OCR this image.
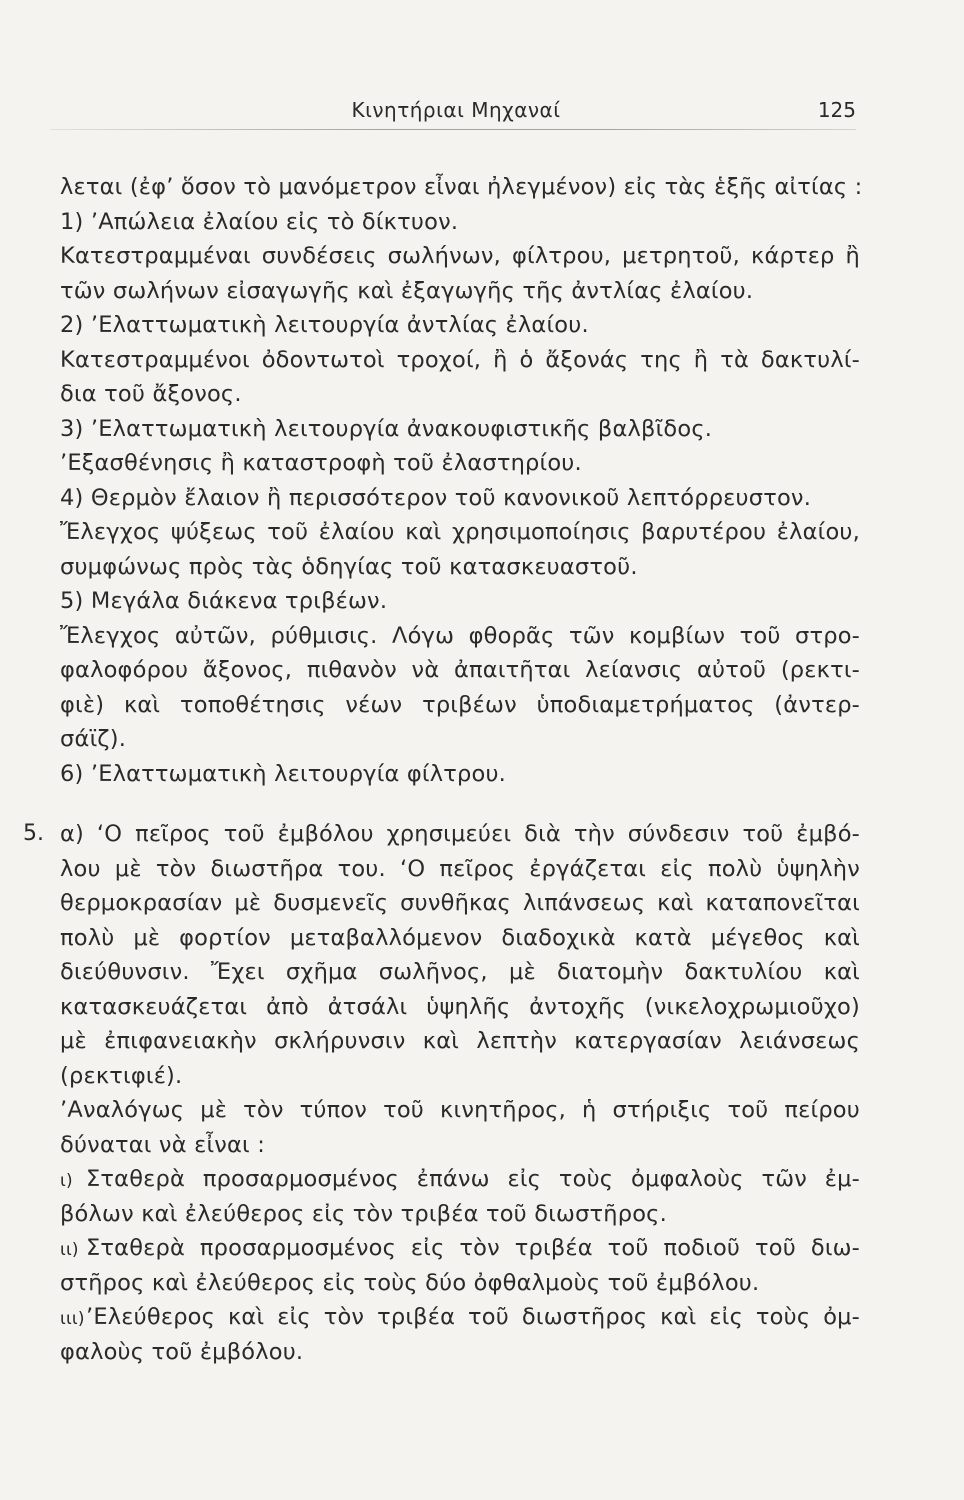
Κινητήριαι Μηχαναί	125
5.
λεται (ἐφ’ ὅσον τὸ μανόμετρον εἶναι ἠλεγμένον) εἰς τὰς ἑξῆς αἰτίας :
1) ’Απώλεια ἐλαίου εἰς τὸ δίκτυον.
Κατεστραμμέναι συνδέσεις σωλήνων, φίλτρου, μετρητοῦ, κάρτερ ἢ
τῶν σωλήνων εἰσαγωγῆς καὶ ἐξαγωγῆς τῆς ἀντλίας ἐλαίου.
2) ’Ελαττωματικὴ λειτουργία ἀντλίας ἐλαίου.
Κατεστραμμένοι ὀδοντωτοὶ τροχοί, ἢ ὁ ἄξονάς της ἢ τὰ δακτυλί-
δια τοῦ ἄξονος.
3) ’Ελαττωματικὴ λειτουργία ἀνακουφιστικῆς βαλβῖδος.
’Εξασθένησις ἢ καταστροφὴ τοῦ ἐλαστηρίου.
4) Θερμὸν ἔλαιον ἢ περισσότερον τοῦ κανονικοῦ λεπτόρρευστον.
Ἔλεγχος ψύξεως τοῦ ἐλαίου καὶ χρησιμοποίησις βαρυτέρου ἐλαίου,
συμφώνως πρὸς τὰς ὁδηγίας τοῦ κατασκευαστοῦ.
5) Μεγάλα διάκενα τριβέων.
Ἔλεγχος αὐτῶν, ρύθμισις. Λόγω φθορᾶς τῶν κομβίων τοῦ στρο-
φαλοφόρου ἄξονος, πιθανὸν νὰ ἀπαιτῆται λείανσις αὐτοῦ (ρεκτι-
φιὲ) καὶ τοποθέτησις νέων τριβέων ὑποδιαμετρήματος (ἀντερ-
σάϊζ).
6) ’Ελαττωματικὴ λειτουργία φίλτρου.
α) ‘Ο πεῖρος τοῦ ἐμβόλου χρησιμεύει διὰ τὴν σύνδεσιν τοῦ ἐμβό-
λου μὲ τὸν διωστῆρα του. ‘Ο πεῖρος ἐργάζεται εἰς πολὺ ὑψηλὴν
θερμοκρασίαν μὲ δυσμενεῖς συνθῆκας λιπάνσεως καὶ καταπονεῖται
πολὺ μὲ φορτίον μεταβαλλόμενον διαδοχικὰ κατὰ μέγεθος καὶ
διεύθυνσιν. Ἔχει σχῆμα σωλῆνος, μὲ διατομὴν δακτυλίου καὶ
κατασκευάζεται ἀπὸ ἀτσάλι ὑψηλῆς ἀντοχῆς (νικελοχρωμιοῦχο)
μὲ ἐπιφανειακὴν σκλήρυνσιν καὶ λεπτὴν κατεργασίαν λειάνσεως
(ρεκτιφιέ).
’Αναλόγως μὲ τὸν τύπον τοῦ κινητῆρος, ἡ στήριξις τοῦ πείρου
δύναται νὰ εἶναι :
ι) Σταθερὰ προσαρμοσμένος ἐπάνω εἰς τοὺς ὀμφαλοὺς τῶν ἐμ-
βόλων καὶ ἐλεύθερος εἰς τὸν τριβέα τοῦ διωστῆρος.
ιι) Σταθερὰ προσαρμοσμένος εἰς τὸν τριβέα τοῦ ποδιοῦ τοῦ διω-
στῆρος καὶ ἐλεύθερος εἰς τοὺς δύο ὀφθαλμοὺς τοῦ ἐμβόλου.
ιιι)’Ελεύθερος καὶ εἰς τὸν τριβέα τοῦ διωστῆρος καὶ εἰς τοὺς ὀμ-
φαλοὺς τοῦ ἐμβόλου.
